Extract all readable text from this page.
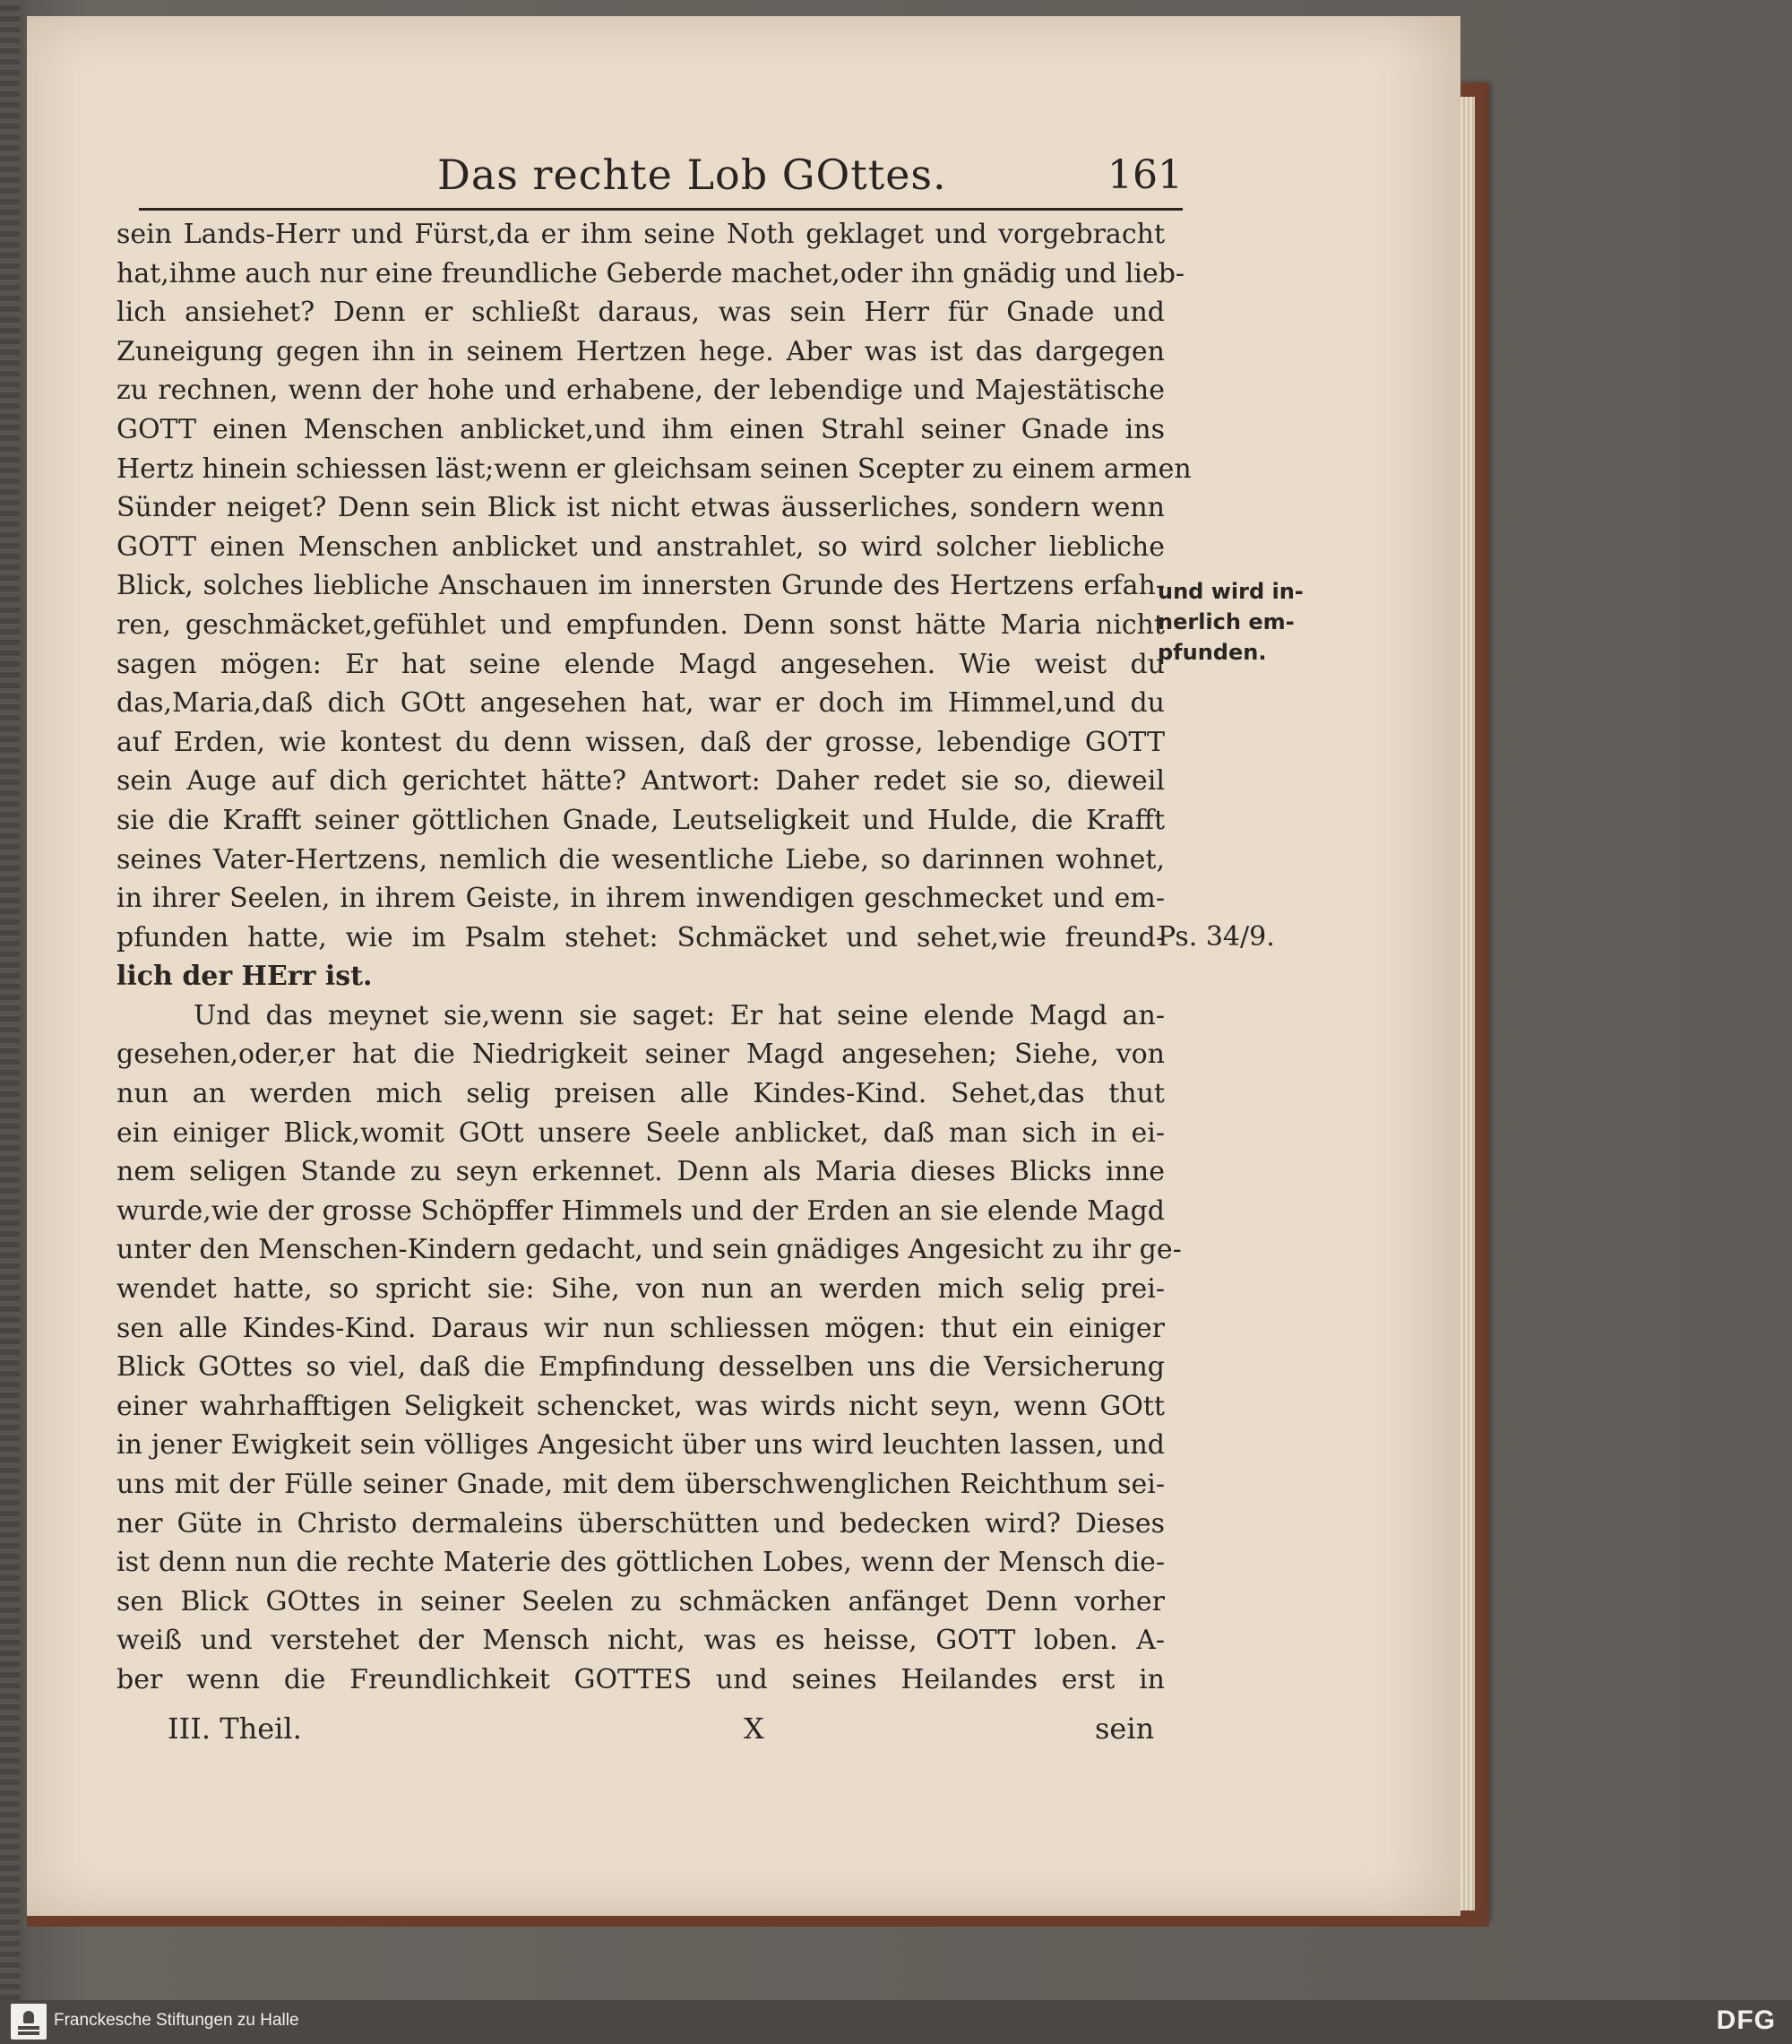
Das rechte Lob GOttes.	161
sein Lands-Herr und Fürst,da er ihm seine Noth geklaget und vorgebracht
hat,ihme auch nur eine freundliche Geberde machet,oder ihn gnädig und lieb-
lich ansiehet? Denn er schließt daraus, was sein Herr für Gnade und
Zuneigung gegen ihn in seinem Hertzen hege. Aber was ist das dargegen
zu rechnen, wenn der hohe und erhabene, der lebendige und Majestätische
GOTT einen Menschen anblicket,und ihm einen Strahl seiner Gnade ins
Hertz hinein schiessen läst;wenn er gleichsam seinen Scepter zu einem armen
Sünder neiget? Denn sein Blick ist nicht etwas äusserliches, sondern wenn
GOTT einen Menschen anblicket und anstrahlet, so wird solcher liebliche
Blick, solches liebliche Anschauen im innersten Grunde des Hertzens erfah-
ren, geschmäcket,gefühlet und empfunden. Denn sonst hätte Maria nicht
sagen mögen: Er hat seine elende Magd angesehen. Wie weist du
das,Maria,daß dich GOtt angesehen hat, war er doch im Himmel,und du
auf Erden, wie kontest du denn wissen, daß der grosse, lebendige GOTT
sein Auge auf dich gerichtet hätte? Antwort: Daher redet sie so, dieweil
sie die Krafft seiner göttlichen Gnade, Leutseligkeit und Hulde, die Krafft
seines Vater-Hertzens, nemlich die wesentliche Liebe, so darinnen wohnet,
in ihrer Seelen, in ihrem Geiste, in ihrem inwendigen geschmecket und em-
pfunden hatte, wie im Psalm stehet: Schmäcket und sehet,wie freund-
lich der HErr ist.
Und das meynet sie,wenn sie saget: Er hat seine elende Magd an-
gesehen,oder,er hat die Niedrigkeit seiner Magd angesehen; Siehe, von
nun an werden mich selig preisen alle Kindes-Kind. Sehet,das thut
ein einiger Blick,womit GOtt unsere Seele anblicket, daß man sich in ei-
nem seligen Stande zu seyn erkennet. Denn als Maria dieses Blicks inne
wurde,wie der grosse Schöpffer Himmels und der Erden an sie elende Magd
unter den Menschen-Kindern gedacht, und sein gnädiges Angesicht zu ihr ge-
wendet hatte, so spricht sie: Sihe, von nun an werden mich selig prei-
sen alle Kindes-Kind. Daraus wir nun schliessen mögen: thut ein einiger
Blick GOttes so viel, daß die Empfindung desselben uns die Versicherung
einer wahrhafftigen Seligkeit schencket, was wirds nicht seyn, wenn GOtt
in jener Ewigkeit sein völliges Angesicht über uns wird leuchten lassen, und
uns mit der Fülle seiner Gnade, mit dem überschwenglichen Reichthum sei-
ner Güte in Christo dermaleins überschütten und bedecken wird? Dieses
ist denn nun die rechte Materie des göttlichen Lobes, wenn der Mensch die-
sen Blick GOttes in seiner Seelen zu schmäcken anfänget Denn vorher
weiß und verstehet der Mensch nicht, was es heisse, GOTT loben. A-
ber wenn die Freundlichkeit GOTTES und seines Heilandes erst in
und wird in-
nerlich em-
pfunden.
Ps. 34/9.
III. Theil.	X	sein
Franckesche Stiftungen zu Halle	DFG
